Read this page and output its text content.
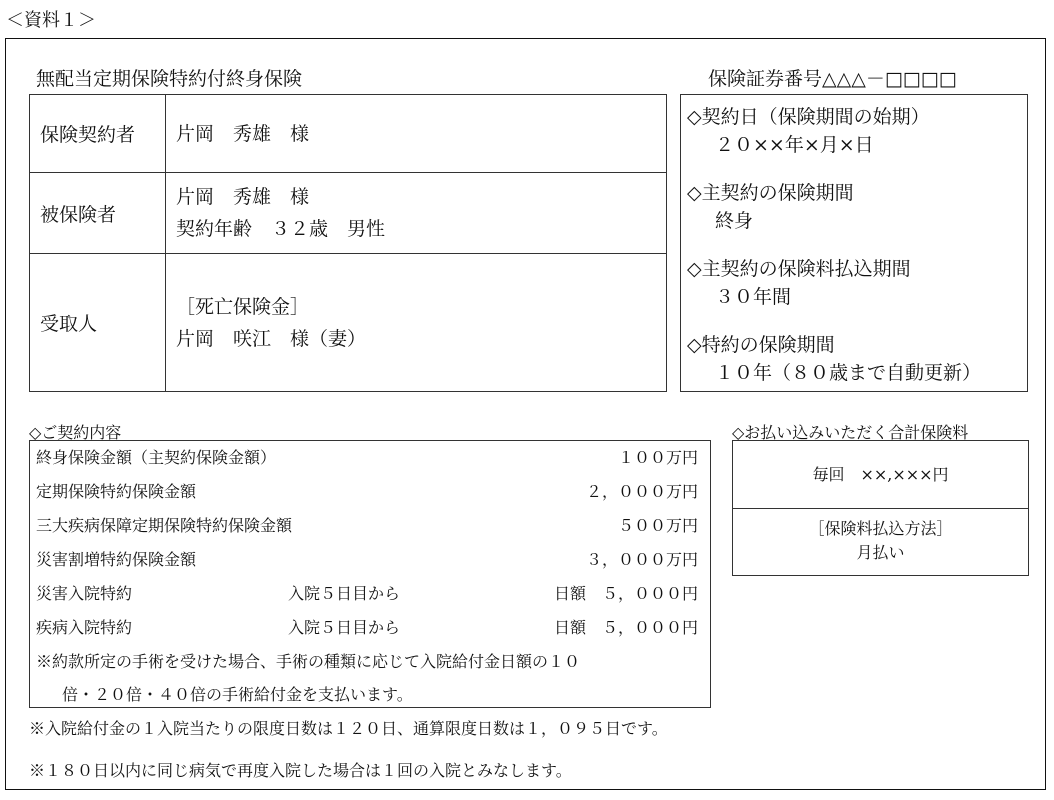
＜資料１＞
無配当定期保険特約付終身保険	保険証券番号△△△－□□□□
保険契約者	片岡　秀雄　様

被保険者	片岡　秀雄　様
契約年齢　３２歳　男性

受取人	［死亡保険金］
片岡　咲江　様（妻）
◇契約日（保険期間の始期）
２０××年×月×日
◇主契約の保険期間
終身
◇主契約の保険料払込期間
３０年間
◇特約の保険期間
１０年（８０歳まで自動更新）
◇ご契約内容
終身保険金額（主契約保険金額）	１００万円
定期保険特約保険金額	２，０００万円
三大疾病保障定期保険特約保険金額	５００万円
災害割増特約保険金額	３，０００万円
災害入院特約	入院５日目から	日額　５，０００円
疾病入院特約	入院５日目から	日額　５，０００円
※約款所定の手術を受けた場合、手術の種類に応じて入院給付金日額の１０
倍・２０倍・４０倍の手術給付金を支払います。
◇お払い込みいただく合計保険料
毎回　××,×××円
［保険料払込方法］
月払い
※入院給付金の１入院当たりの限度日数は１２０日、通算限度日数は１，０９５日です。
※１８０日以内に同じ病気で再度入院した場合は１回の入院とみなします。
